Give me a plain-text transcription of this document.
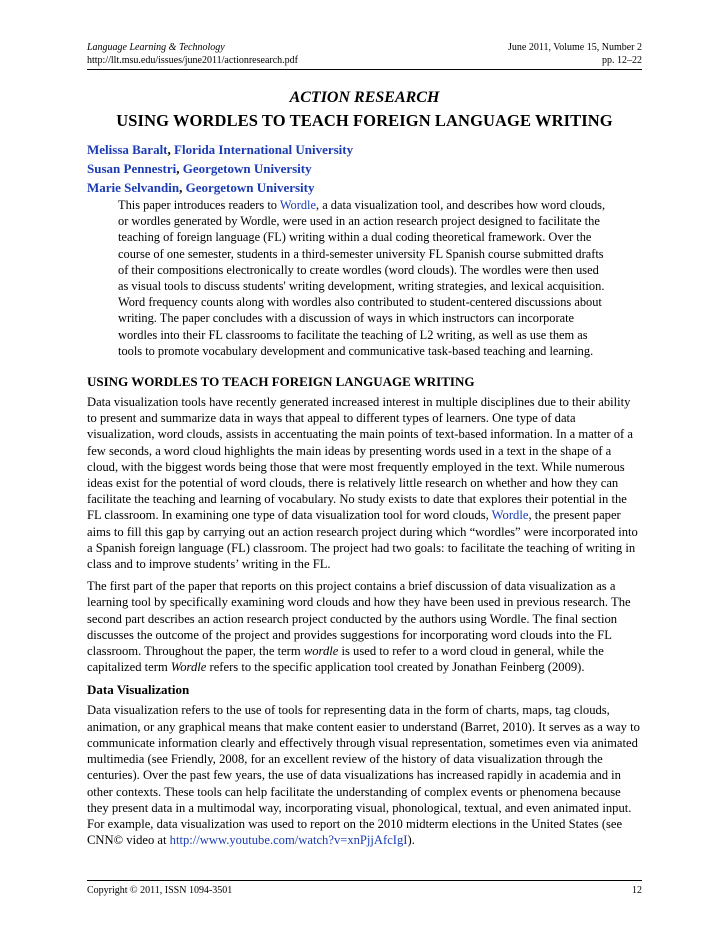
Language Learning & Technology	June 2011, Volume 15, Number 2
http://llt.msu.edu/issues/june2011/actionresearch.pdf	pp. 12–22

ACTION RESEARCH

USING WORDLES TO TEACH FOREIGN LANGUAGE WRITING
Melissa Baralt, Florida International University
Susan Pennestri, Georgetown University
Marie Selvandin, Georgetown University

This paper introduces readers to Wordle, a data visualization tool, and describes how word clouds, or wordles generated by Wordle, were used in an action research project designed to facilitate the teaching of foreign language (FL) writing within a dual coding theoretical framework. Over the course of one semester, students in a third-semester university FL Spanish course submitted drafts of their compositions electronically to create wordles (word clouds). The wordles were then used as visual tools to discuss students' writing development, writing strategies, and lexical acquisition. Word frequency counts along with wordles also contributed to student-centered discussions about writing. The paper concludes with a discussion of ways in which instructors can incorporate wordles into their FL classrooms to facilitate the teaching of L2 writing, as well as use them as tools to promote vocabulary development and communicative task-based teaching and learning.

USING WORDLES TO TEACH FOREIGN LANGUAGE WRITING

Data visualization tools have recently generated increased interest in multiple disciplines due to their ability to present and summarize data in ways that appeal to different types of learners. One type of data visualization, word clouds, assists in accentuating the main points of text-based information. In a matter of a few seconds, a word cloud highlights the main ideas by presenting words used in a text in the shape of a cloud, with the biggest words being those that were most frequently employed in the text. While numerous ideas exist for the potential of word clouds, there is relatively little research on whether and how they can facilitate the teaching and learning of vocabulary. No study exists to date that explores their potential in the FL classroom. In examining one type of data visualization tool for word clouds, Wordle, the present paper aims to fill this gap by carrying out an action research project during which “wordles” were incorporated into a Spanish foreign language (FL) classroom. The project had two goals: to facilitate the teaching of writing in class and to improve students’ writing in the FL.

The first part of the paper that reports on this project contains a brief discussion of data visualization as a learning tool by specifically examining word clouds and how they have been used in previous research. The second part describes an action research project conducted by the authors using Wordle. The final section discusses the outcome of the project and provides suggestions for incorporating word clouds into the FL classroom. Throughout the paper, the term wordle is used to refer to a word cloud in general, while the capitalized term Wordle refers to the specific application tool created by Jonathan Feinberg (2009).

Data Visualization

Data visualization refers to the use of tools for representing data in the form of charts, maps, tag clouds, animation, or any graphical means that make content easier to understand (Barret, 2010). It serves as a way to communicate information clearly and effectively through visual representation, sometimes even via animated multimedia (see Friendly, 2008, for an excellent review of the history of data visualization through the centuries). Over the past few years, the use of data visualizations has increased rapidly in academia and in other contexts. These tools can help facilitate the understanding of complex events or phenomena because they present data in a multimodal way, incorporating visual, phonological, textual, and even animated input. For example, data visualization was used to report on the 2010 midterm elections in the United States (see CNN© video at http://www.youtube.com/watch?v=xnPjjAfcIgI).

Copyright © 2011, ISSN 1094-3501	12
